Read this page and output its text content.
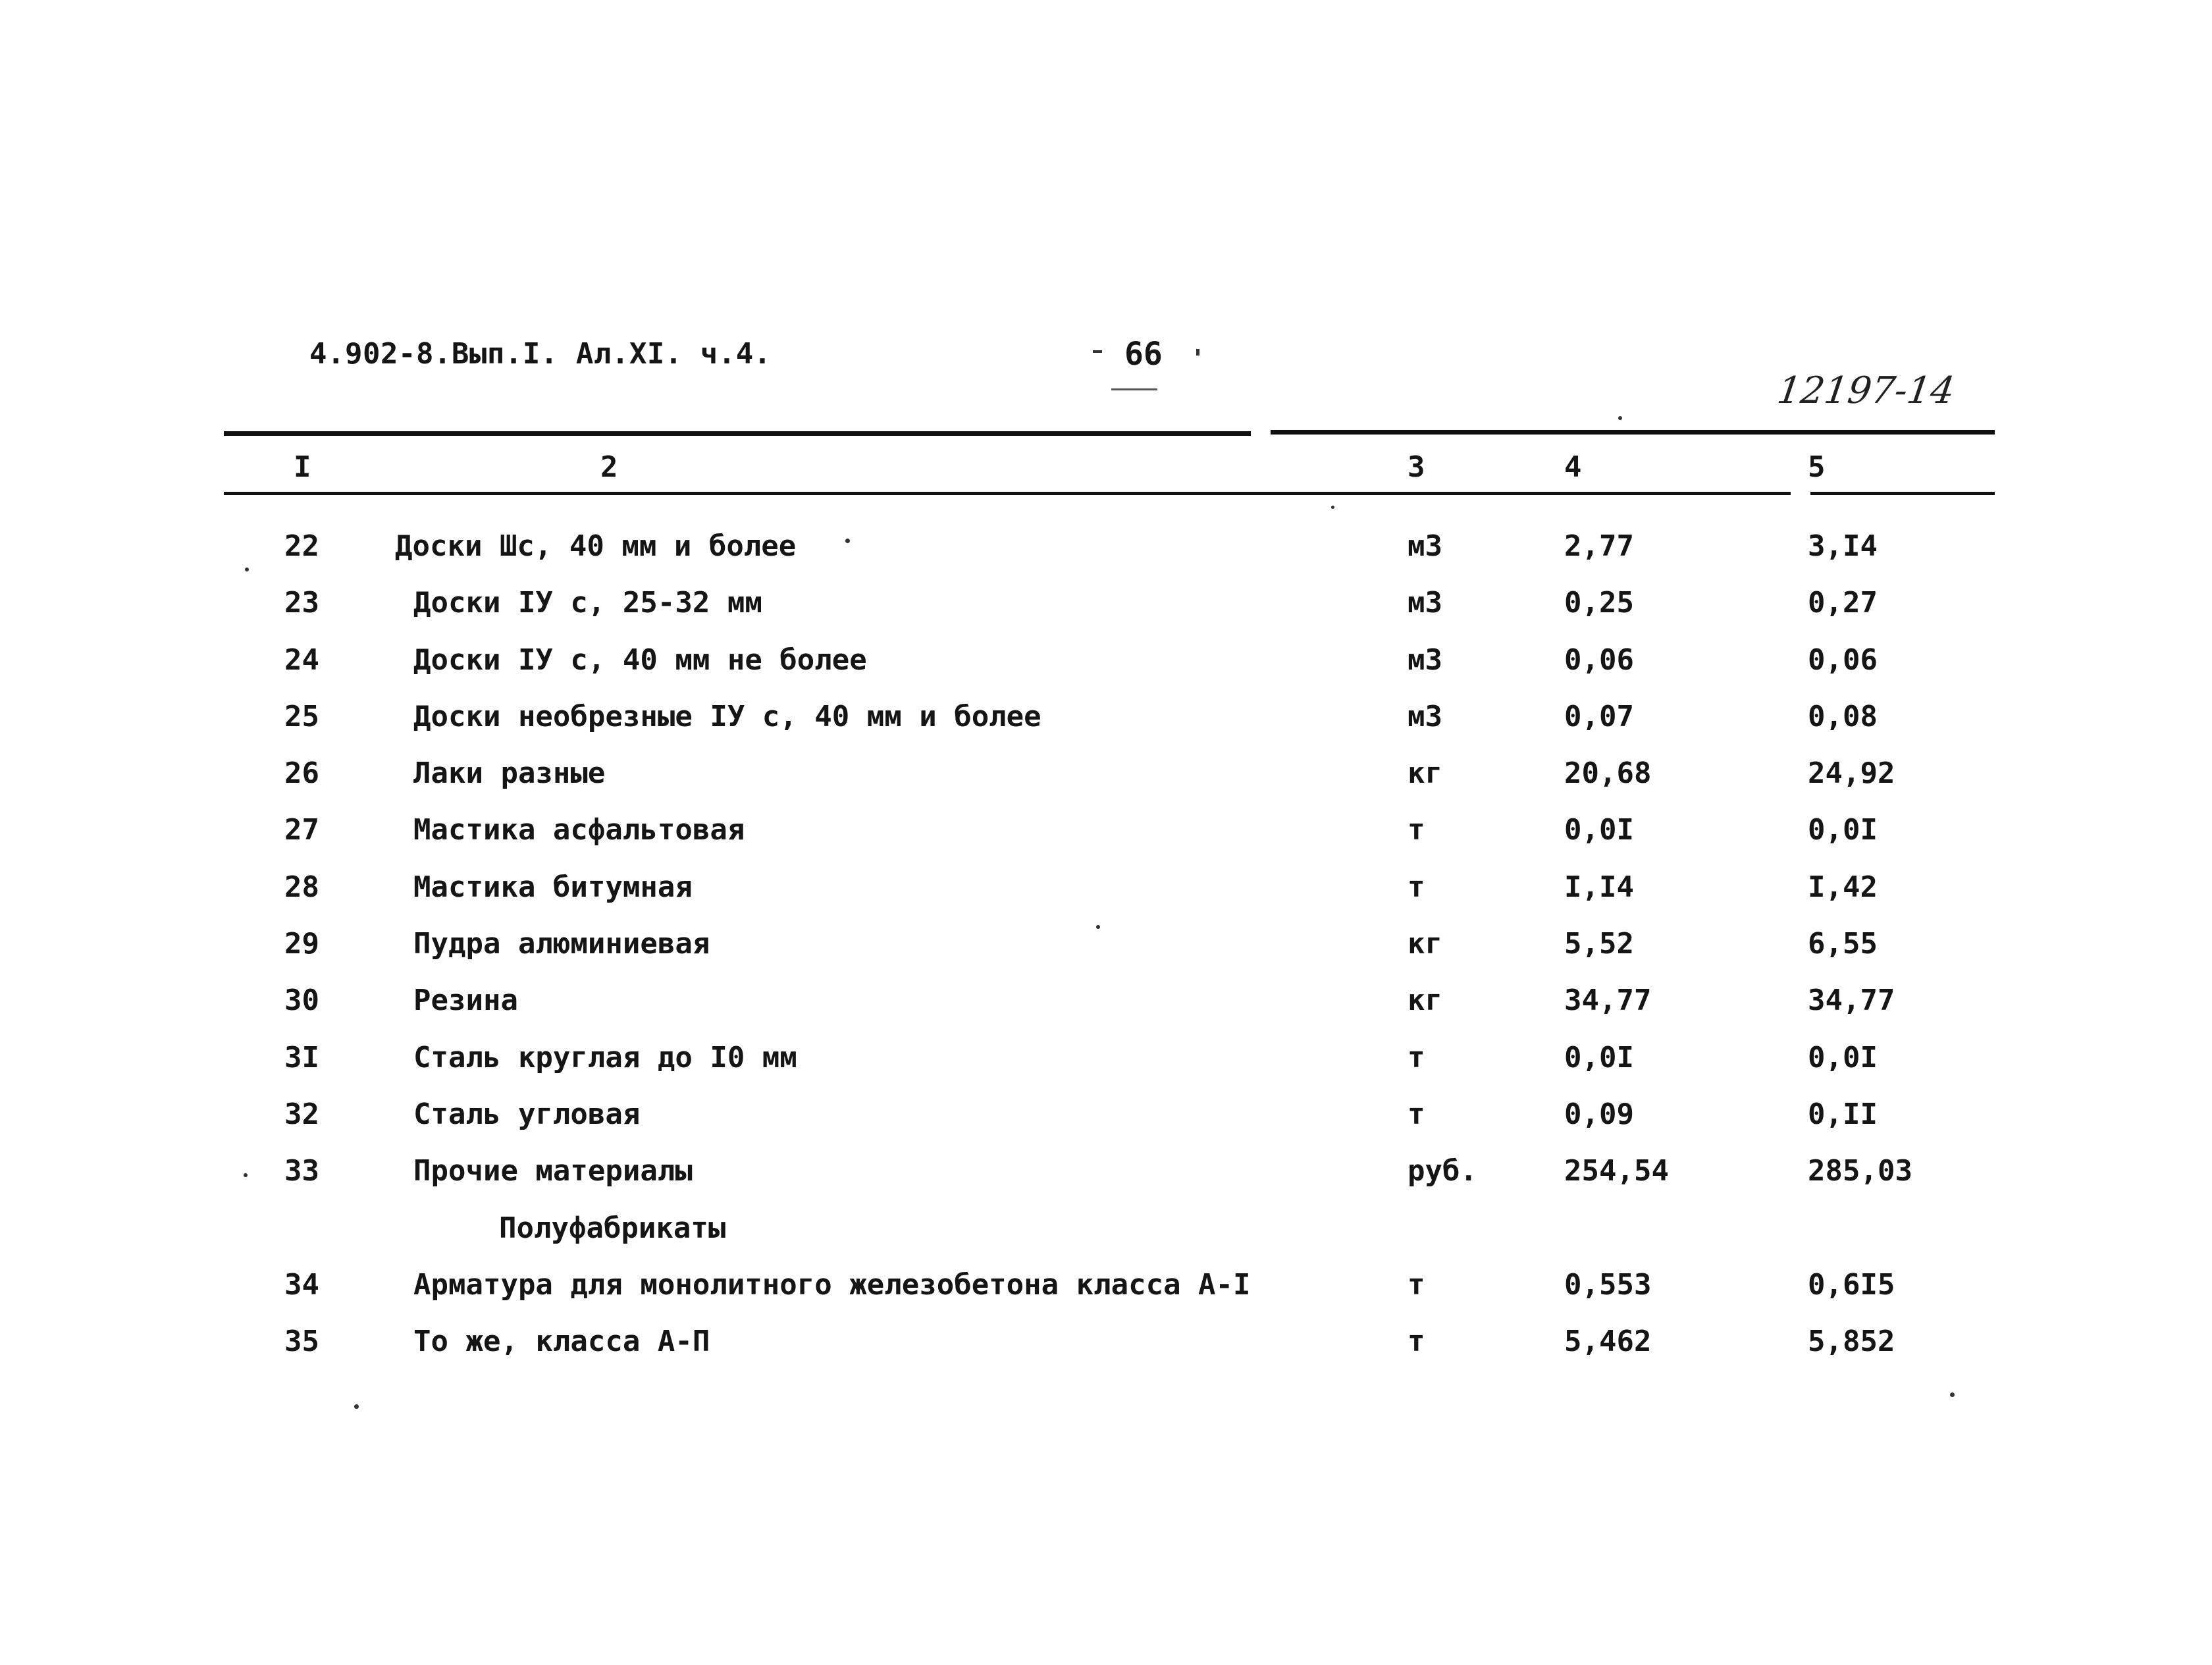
4.902-8.Вып.I. Ал.XI. ч.4.	66
12197-14
I	2	3	4	5
22	Доски Шс, 40 мм и более	м3	2,77	3,I4
23	Доски IУ с, 25-32 мм	м3	0,25	0,27
24	Доски IУ с, 40 мм не более	м3	0,06	0,06
25	Доски необрезные IУ с, 40 мм и более	м3	0,07	0,08
26	Лаки разные	кг	20,68	24,92
27	Мастика асфальтовая	т	0,0I	0,0I
28	Мастика битумная	т	I,I4	I,42
29	Пудра алюминиевая	кг	5,52	6,55
30	Резина	кг	34,77	34,77
3I	Сталь круглая до I0 мм	т	0,0I	0,0I
32	Сталь угловая	т	0,09	0,II
33	Прочие материалы	руб.	254,54	285,03
Полуфабрикаты
34	Арматура для монолитного железобетона класса А-I	т	0,553	0,6I5
35	То же, класса А-П	т	5,462	5,852
